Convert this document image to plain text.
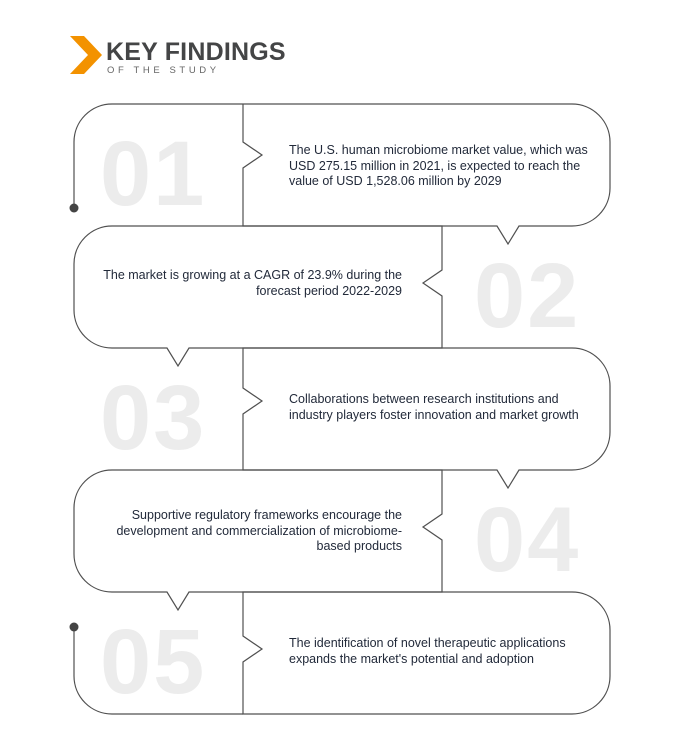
KEY FINDINGS
OF THE STUDY
01
02
03
04
05

The U.S. human microbiome market value, which was USD 275.15 million in 2021, is expected to reach the value of USD 1,528.06 million by 2029

The market is growing at a CAGR of 23.9% during the forecast period 2022-2029

Collaborations between research institutions and industry players foster innovation and market growth

Supportive regulatory frameworks encourage the development and commercialization of microbiome-based products

The identification of novel therapeutic applications expands the market's potential and adoption
